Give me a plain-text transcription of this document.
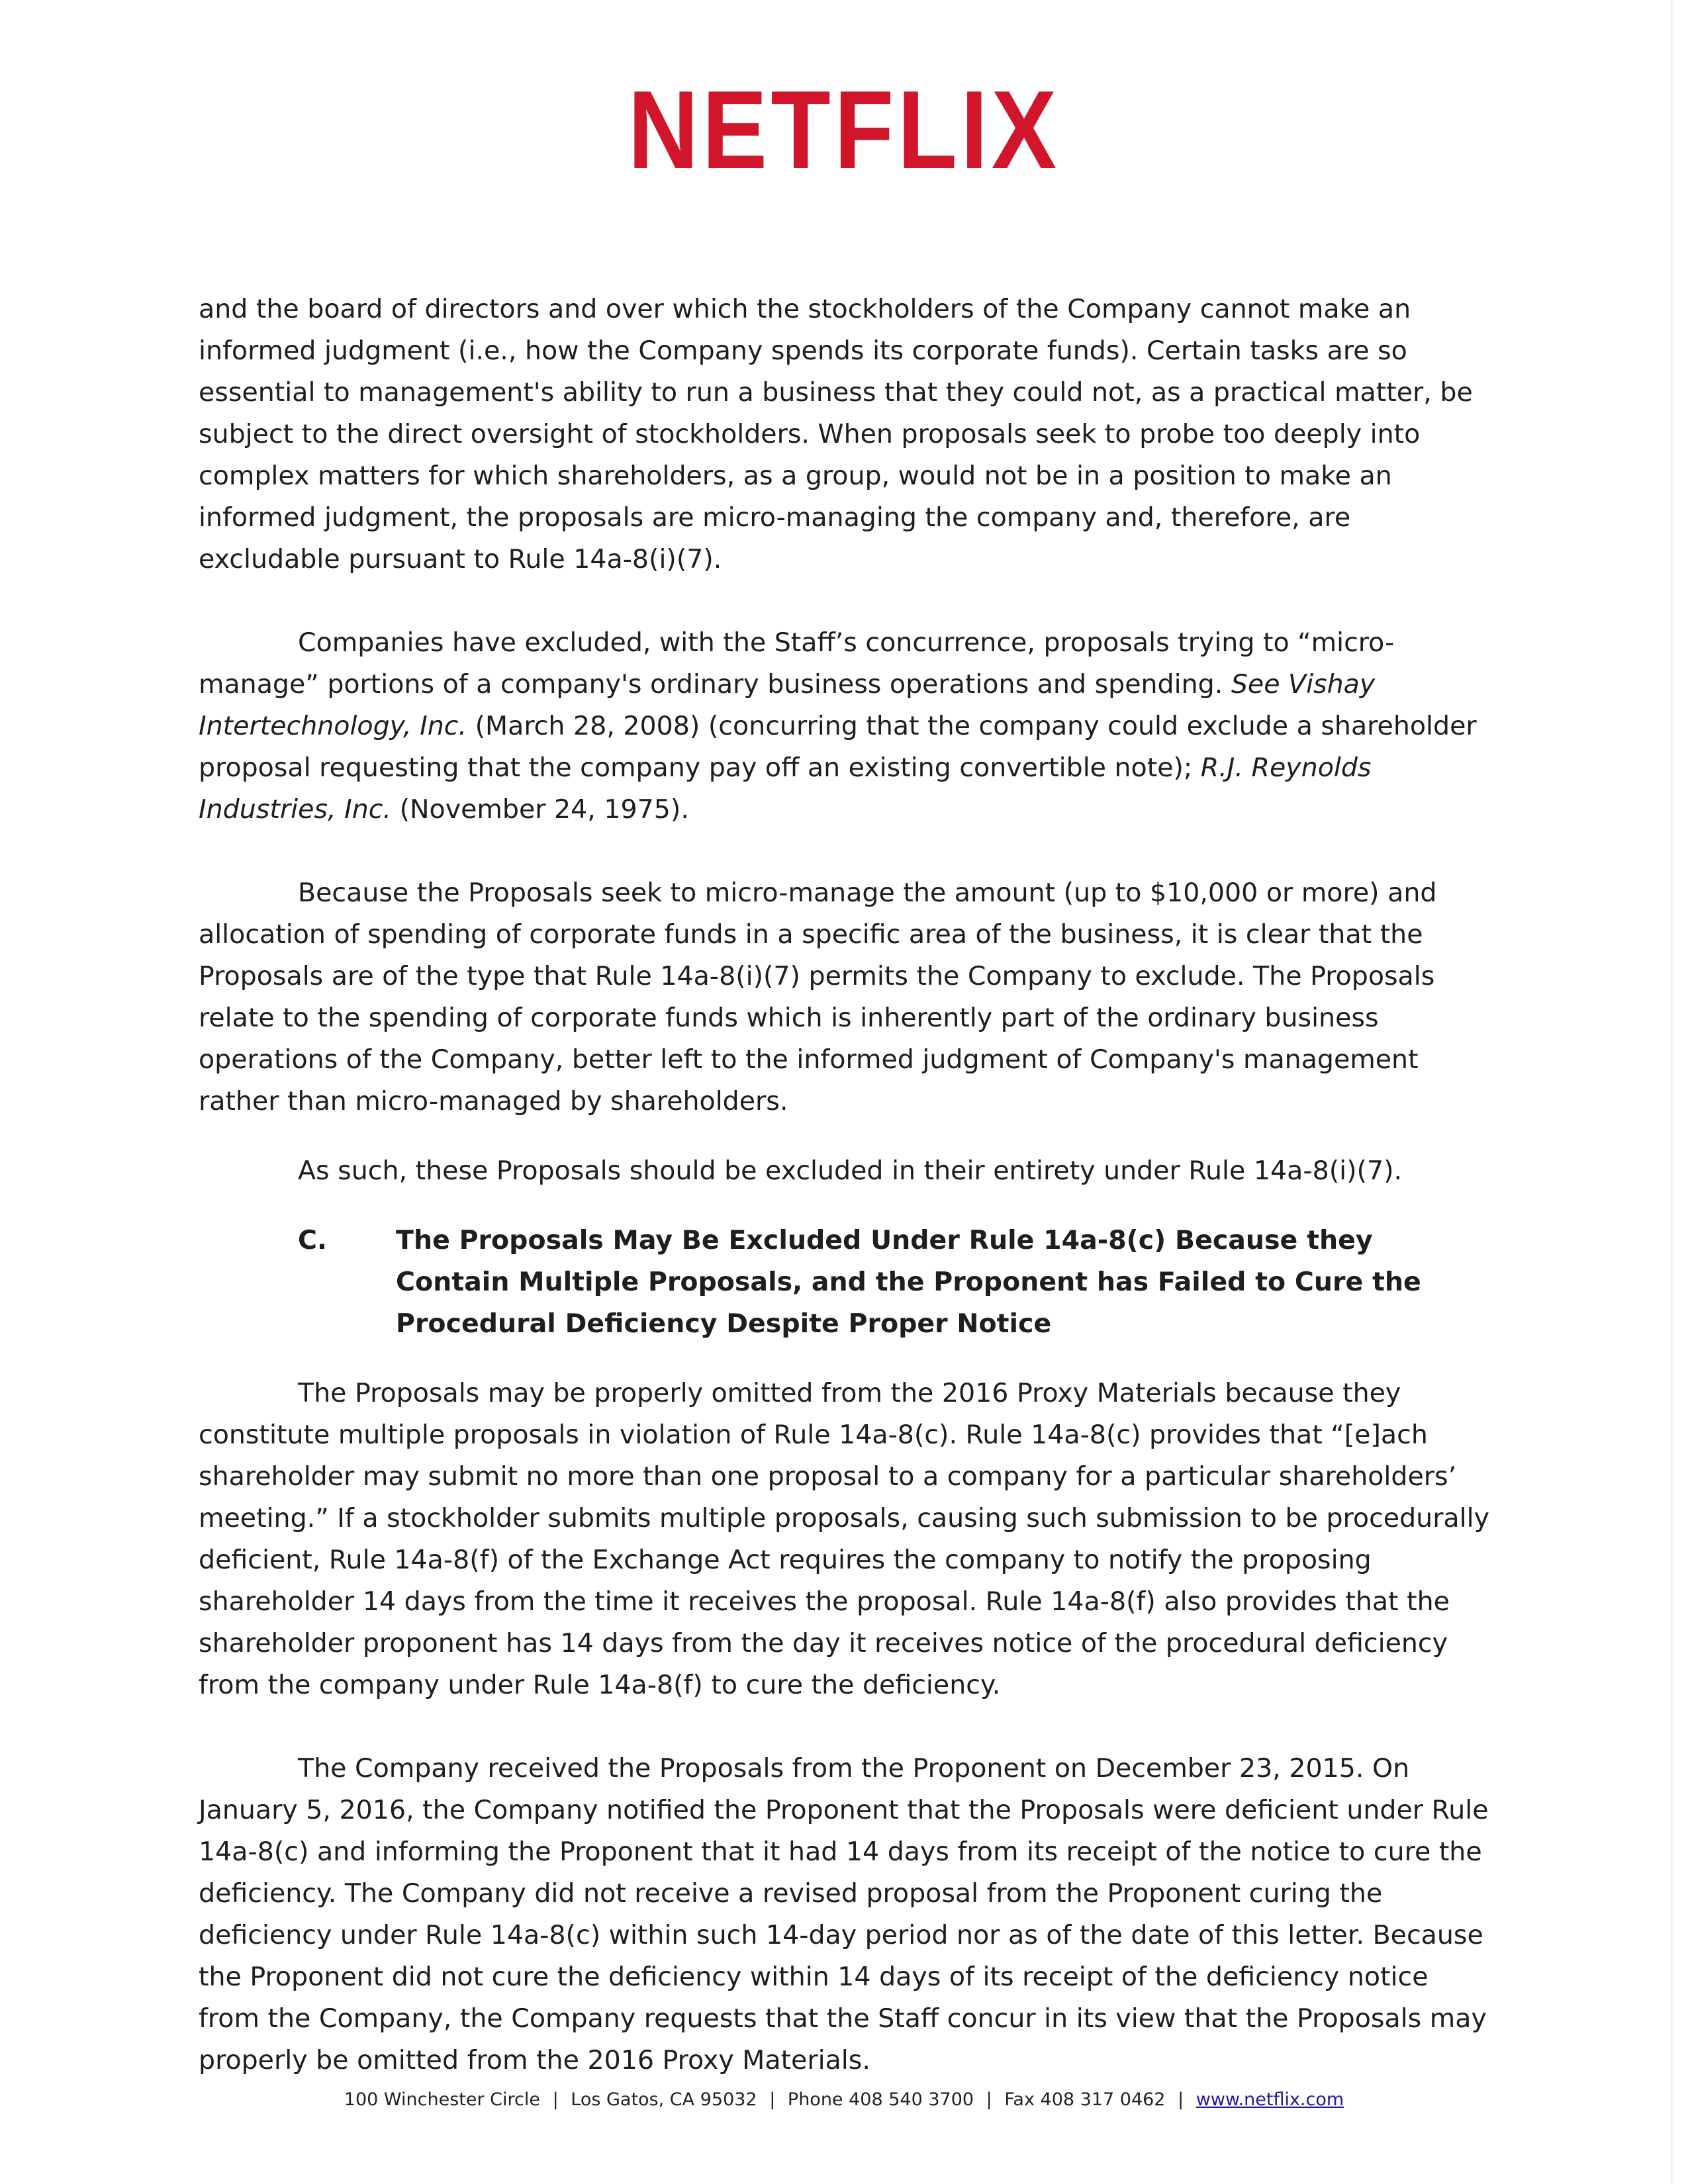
NETFLIX

and the board of directors and over which the stockholders of the Company cannot make an informed judgment (i.e., how the Company spends its corporate funds). Certain tasks are so essential to management's ability to run a business that they could not, as a practical matter, be subject to the direct oversight of stockholders. When proposals seek to probe too deeply into complex matters for which shareholders, as a group, would not be in a position to make an informed judgment, the proposals are micro-managing the company and, therefore, are excludable pursuant to Rule 14a-8(i)(7).

Companies have excluded, with the Staff’s concurrence, proposals trying to “micro-manage” portions of a company's ordinary business operations and spending. See Vishay Intertechnology, Inc. (March 28, 2008) (concurring that the company could exclude a shareholder proposal requesting that the company pay off an existing convertible note); R.J. Reynolds Industries, Inc. (November 24, 1975).

Because the Proposals seek to micro-manage the amount (up to $10,000 or more) and allocation of spending of corporate funds in a specific area of the business, it is clear that the Proposals are of the type that Rule 14a-8(i)(7) permits the Company to exclude. The Proposals relate to the spending of corporate funds which is inherently part of the ordinary business operations of the Company, better left to the informed judgment of Company's management rather than micro-managed by shareholders.

As such, these Proposals should be excluded in their entirety under Rule 14a-8(i)(7).

C.	The Proposals May Be Excluded Under Rule 14a-8(c) Because they Contain Multiple Proposals, and the Proponent has Failed to Cure the Procedural Deficiency Despite Proper Notice

The Proposals may be properly omitted from the 2016 Proxy Materials because they constitute multiple proposals in violation of Rule 14a-8(c). Rule 14a-8(c) provides that “[e]ach shareholder may submit no more than one proposal to a company for a particular shareholders’ meeting.” If a stockholder submits multiple proposals, causing such submission to be procedurally deficient, Rule 14a-8(f) of the Exchange Act requires the company to notify the proposing shareholder 14 days from the time it receives the proposal. Rule 14a-8(f) also provides that the shareholder proponent has 14 days from the day it receives notice of the procedural deficiency from the company under Rule 14a-8(f) to cure the deficiency.

The Company received the Proposals from the Proponent on December 23, 2015. On January 5, 2016, the Company notified the Proponent that the Proposals were deficient under Rule 14a-8(c) and informing the Proponent that it had 14 days from its receipt of the notice to cure the deficiency. The Company did not receive a revised proposal from the Proponent curing the deficiency under Rule 14a-8(c) within such 14-day period nor as of the date of this letter. Because the Proponent did not cure the deficiency within 14 days of its receipt of the deficiency notice from the Company, the Company requests that the Staff concur in its view that the Proposals may properly be omitted from the 2016 Proxy Materials.

100 Winchester Circle | Los Gatos, CA 95032 | Phone 408 540 3700 | Fax 408 317 0462 | www.netflix.com
